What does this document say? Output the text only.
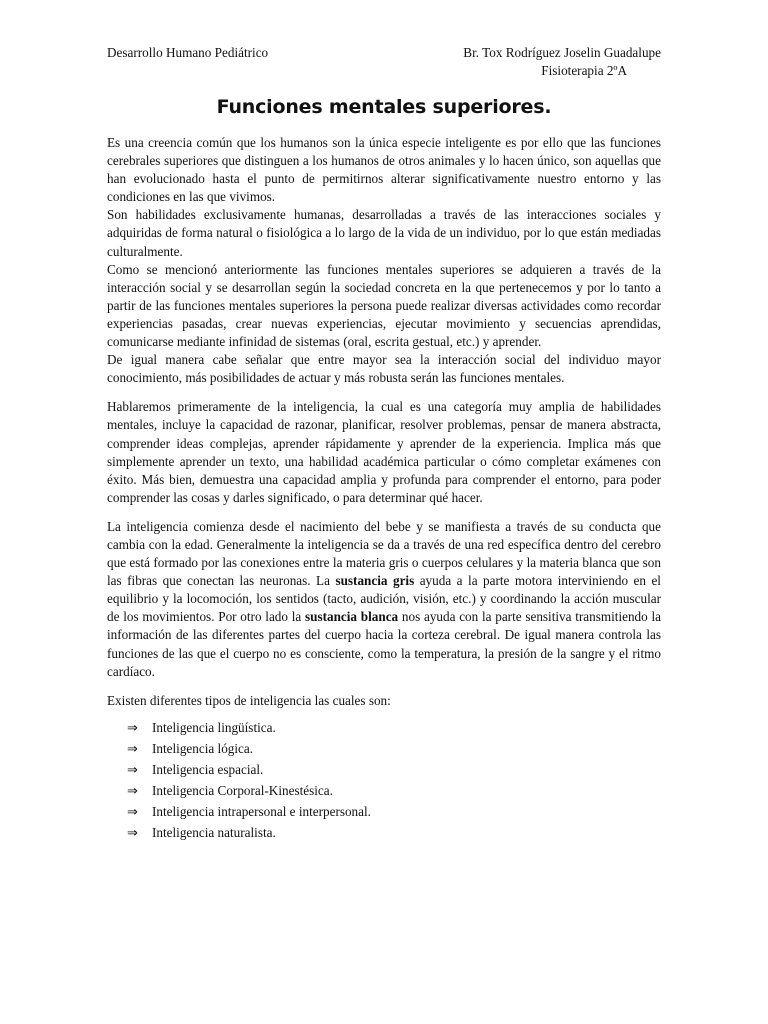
Desarrollo Humano Pediátrico	Br. Tox Rodríguez Joselin Guadalupe
Fisioterapia 2ºA
Funciones mentales superiores.

Es una creencia común que los humanos son la única especie inteligente es por ello que las funciones cerebrales superiores que distinguen a los humanos de otros animales y lo hacen único, son aquellas que han evolucionado hasta el punto de permitirnos alterar significativamente nuestro entorno y las condiciones en las que vivimos.

Son habilidades exclusivamente humanas, desarrolladas a través de las interacciones sociales y adquiridas de forma natural o fisiológica a lo largo de la vida de un individuo, por lo que están mediadas culturalmente.

Como se mencionó anteriormente las funciones mentales superiores se adquieren a través de la interacción social y se desarrollan según la sociedad concreta en la que pertenecemos y por lo tanto a partir de las funciones mentales superiores la persona puede realizar diversas actividades como recordar experiencias pasadas, crear nuevas experiencias, ejecutar movimiento y secuencias aprendidas, comunicarse mediante infinidad de sistemas (oral, escrita gestual, etc.) y aprender.

De igual manera cabe señalar que entre mayor sea la interacción social del individuo mayor conocimiento, más posibilidades de actuar y más robusta serán las funciones mentales.

Hablaremos primeramente de la inteligencia, la cual es una categoría muy amplia de habilidades mentales, incluye la capacidad de razonar, planificar, resolver problemas, pensar de manera abstracta, comprender ideas complejas, aprender rápidamente y aprender de la experiencia. Implica más que simplemente aprender un texto, una habilidad académica particular o cómo completar exámenes con éxito. Más bien, demuestra una capacidad amplia y profunda para comprender el entorno, para poder comprender las cosas y darles significado, o para determinar qué hacer.

La inteligencia comienza desde el nacimiento del bebe y se manifiesta a través de su conducta que cambia con la edad. Generalmente la inteligencia se da a través de una red específica dentro del cerebro que está formado por las conexiones entre la materia gris o cuerpos celulares y la materia blanca que son las fibras que conectan las neuronas. La sustancia gris ayuda a la parte motora interviniendo en el equilibrio y la locomoción, los sentidos (tacto, audición, visión, etc.) y coordinando la acción muscular de los movimientos. Por otro lado la sustancia blanca nos ayuda con la parte sensitiva transmitiendo la información de las diferentes partes del cuerpo hacia la corteza cerebral. De igual manera controla las funciones de las que el cuerpo no es consciente, como la temperatura, la presión de la sangre y el ritmo cardíaco.

Existen diferentes tipos de inteligencia las cuales son:

⇒	Inteligencia lingüística.
⇒	Inteligencia lógica.
⇒	Inteligencia espacial.
⇒	Inteligencia Corporal-Kinestésica.
⇒	Inteligencia intrapersonal e interpersonal.
⇒	Inteligencia naturalista.
